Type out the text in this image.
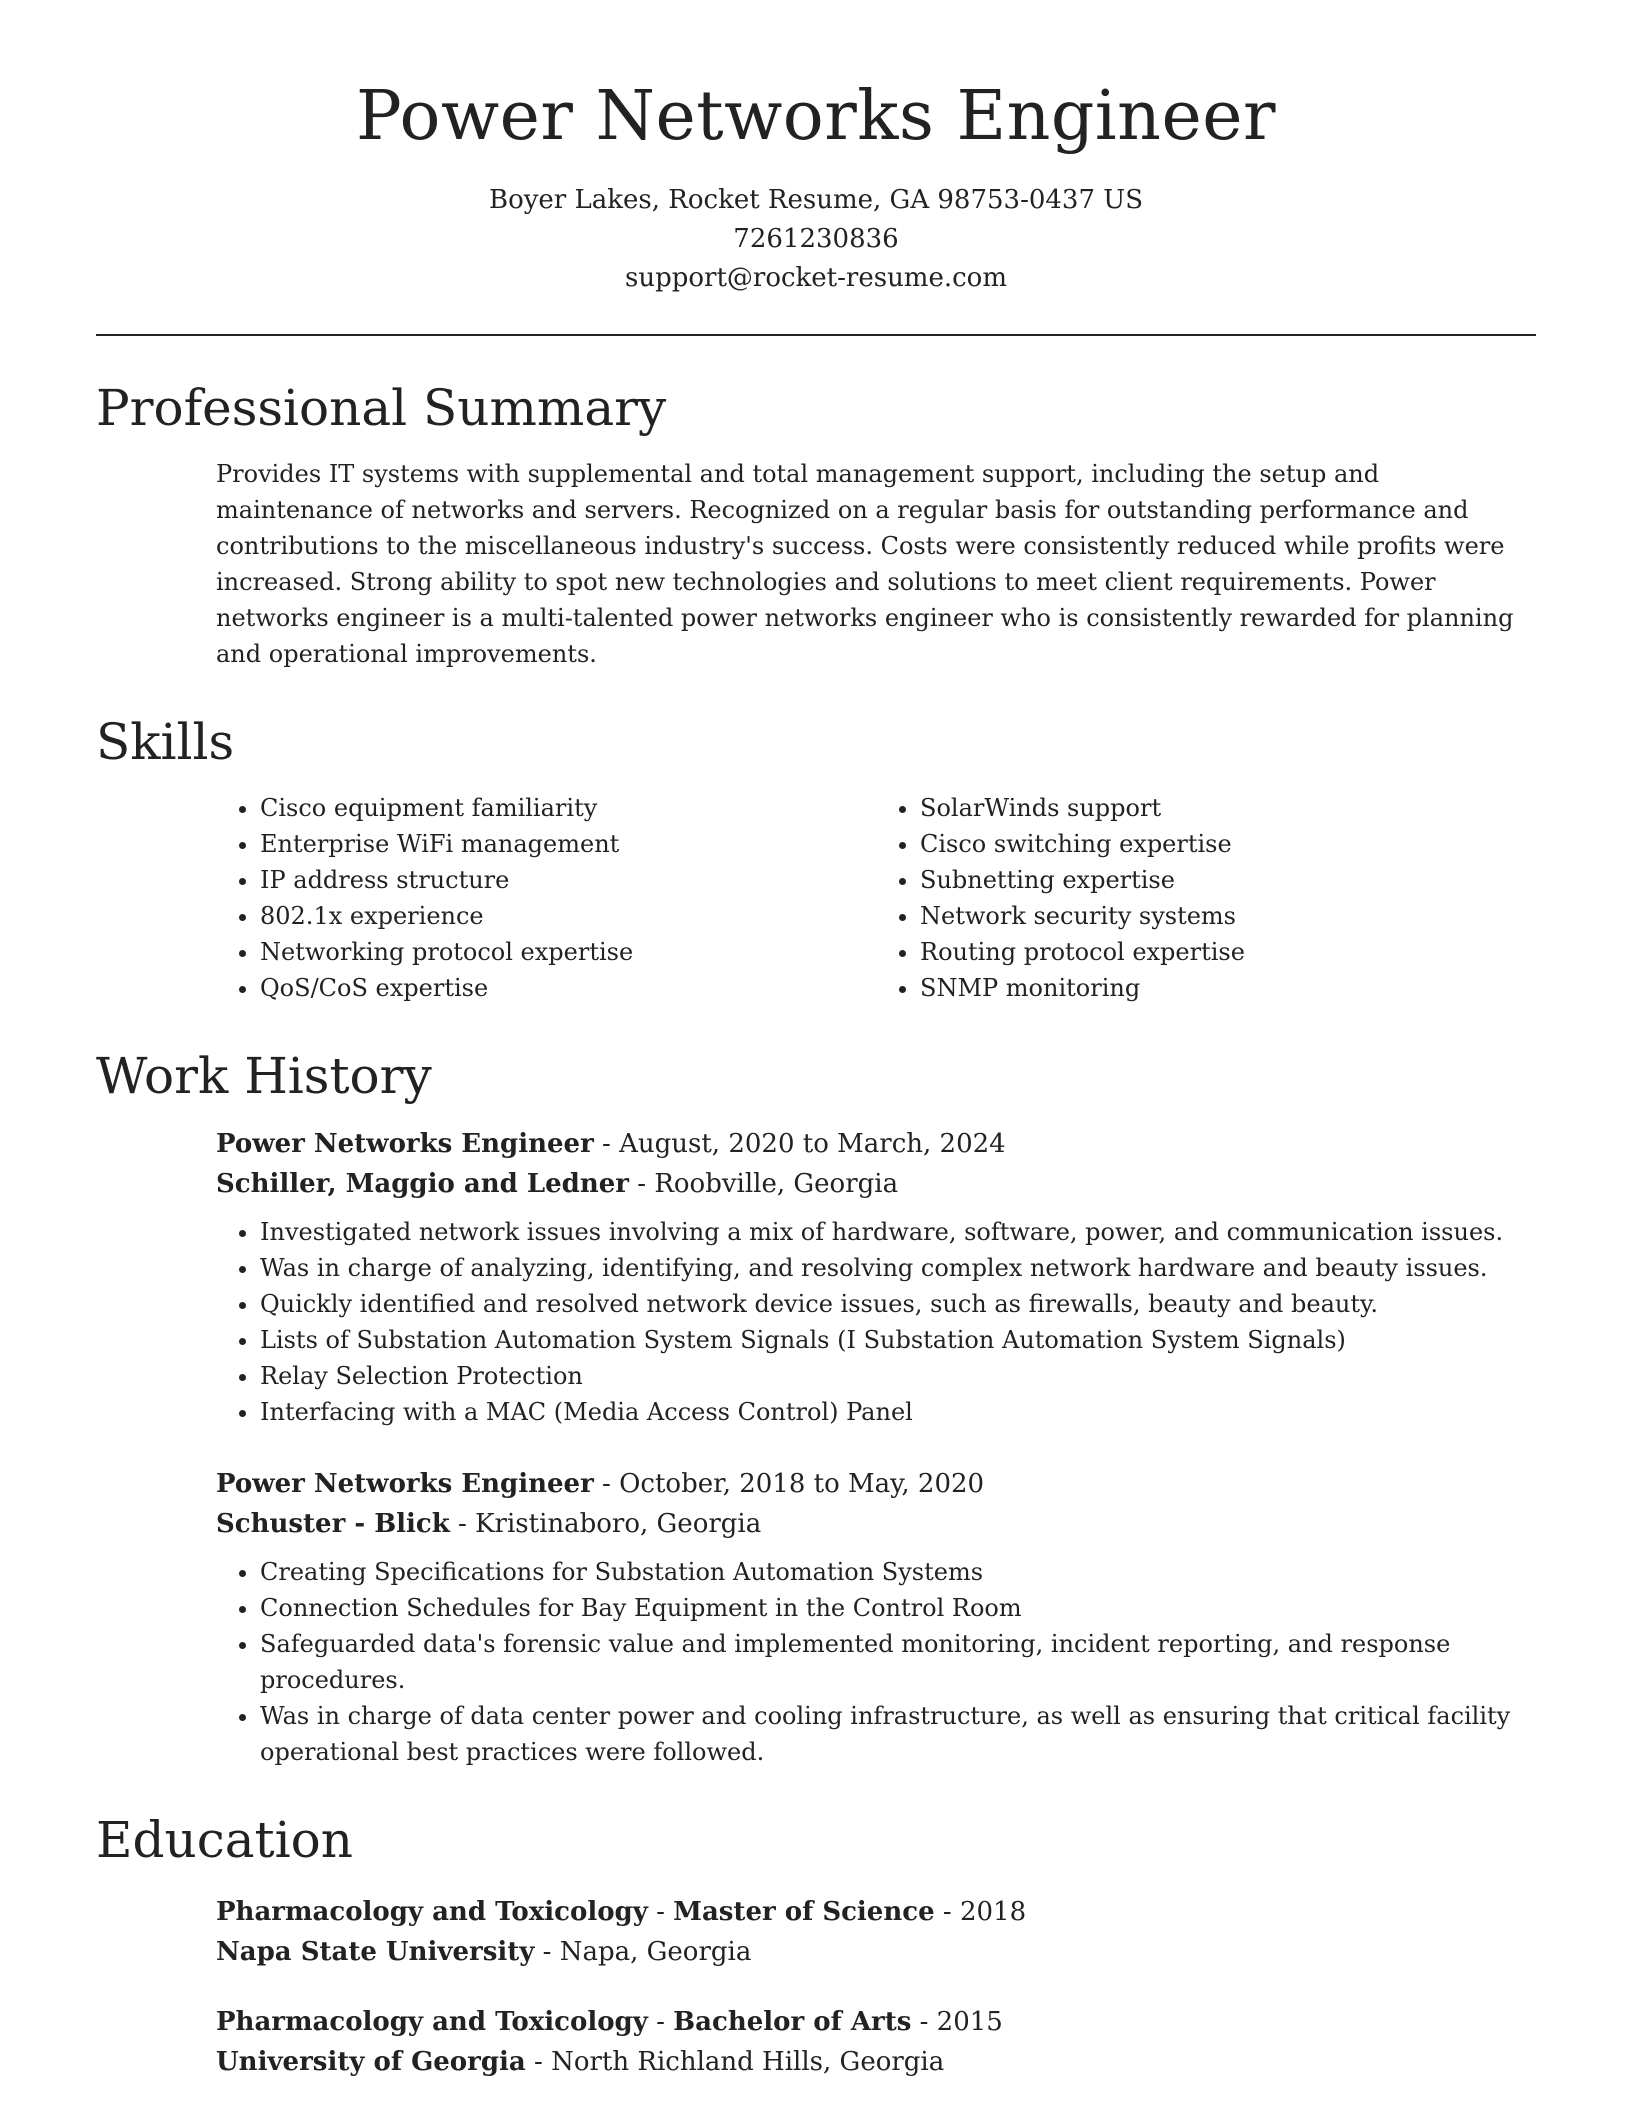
Power Networks Engineer
Boyer Lakes, Rocket Resume, GA 98753-0437 US
7261230836
support@rocket-resume.com
Professional Summary
Provides IT systems with supplemental and total management support, including the setup and maintenance of networks and servers. Recognized on a regular basis for outstanding performance and contributions to the miscellaneous industry's success. Costs were consistently reduced while profits were increased. Strong ability to spot new technologies and solutions to meet client requirements. Power networks engineer is a multi-talented power networks engineer who is consistently rewarded for planning and operational improvements.
Skills
• Cisco equipment familiarity
• Enterprise WiFi management
• IP address structure
• 802.1x experience
• Networking protocol expertise
• QoS/CoS expertise
• SolarWinds support
• Cisco switching expertise
• Subnetting expertise
• Network security systems
• Routing protocol expertise
• SNMP monitoring
Work History
Power Networks Engineer - August, 2020 to March, 2024
Schiller, Maggio and Ledner - Roobville, Georgia
• Investigated network issues involving a mix of hardware, software, power, and communication issues.
• Was in charge of analyzing, identifying, and resolving complex network hardware and beauty issues.
• Quickly identified and resolved network device issues, such as firewalls, beauty and beauty.
• Lists of Substation Automation System Signals (I Substation Automation System Signals)
• Relay Selection Protection
• Interfacing with a MAC (Media Access Control) Panel
Power Networks Engineer - October, 2018 to May, 2020
Schuster - Blick - Kristinaboro, Georgia
• Creating Specifications for Substation Automation Systems
• Connection Schedules for Bay Equipment in the Control Room
• Safeguarded data's forensic value and implemented monitoring, incident reporting, and response procedures.
• Was in charge of data center power and cooling infrastructure, as well as ensuring that critical facility operational best practices were followed.
Education
Pharmacology and Toxicology - Master of Science - 2018
Napa State University - Napa, Georgia
Pharmacology and Toxicology - Bachelor of Arts - 2015
University of Georgia - North Richland Hills, Georgia
